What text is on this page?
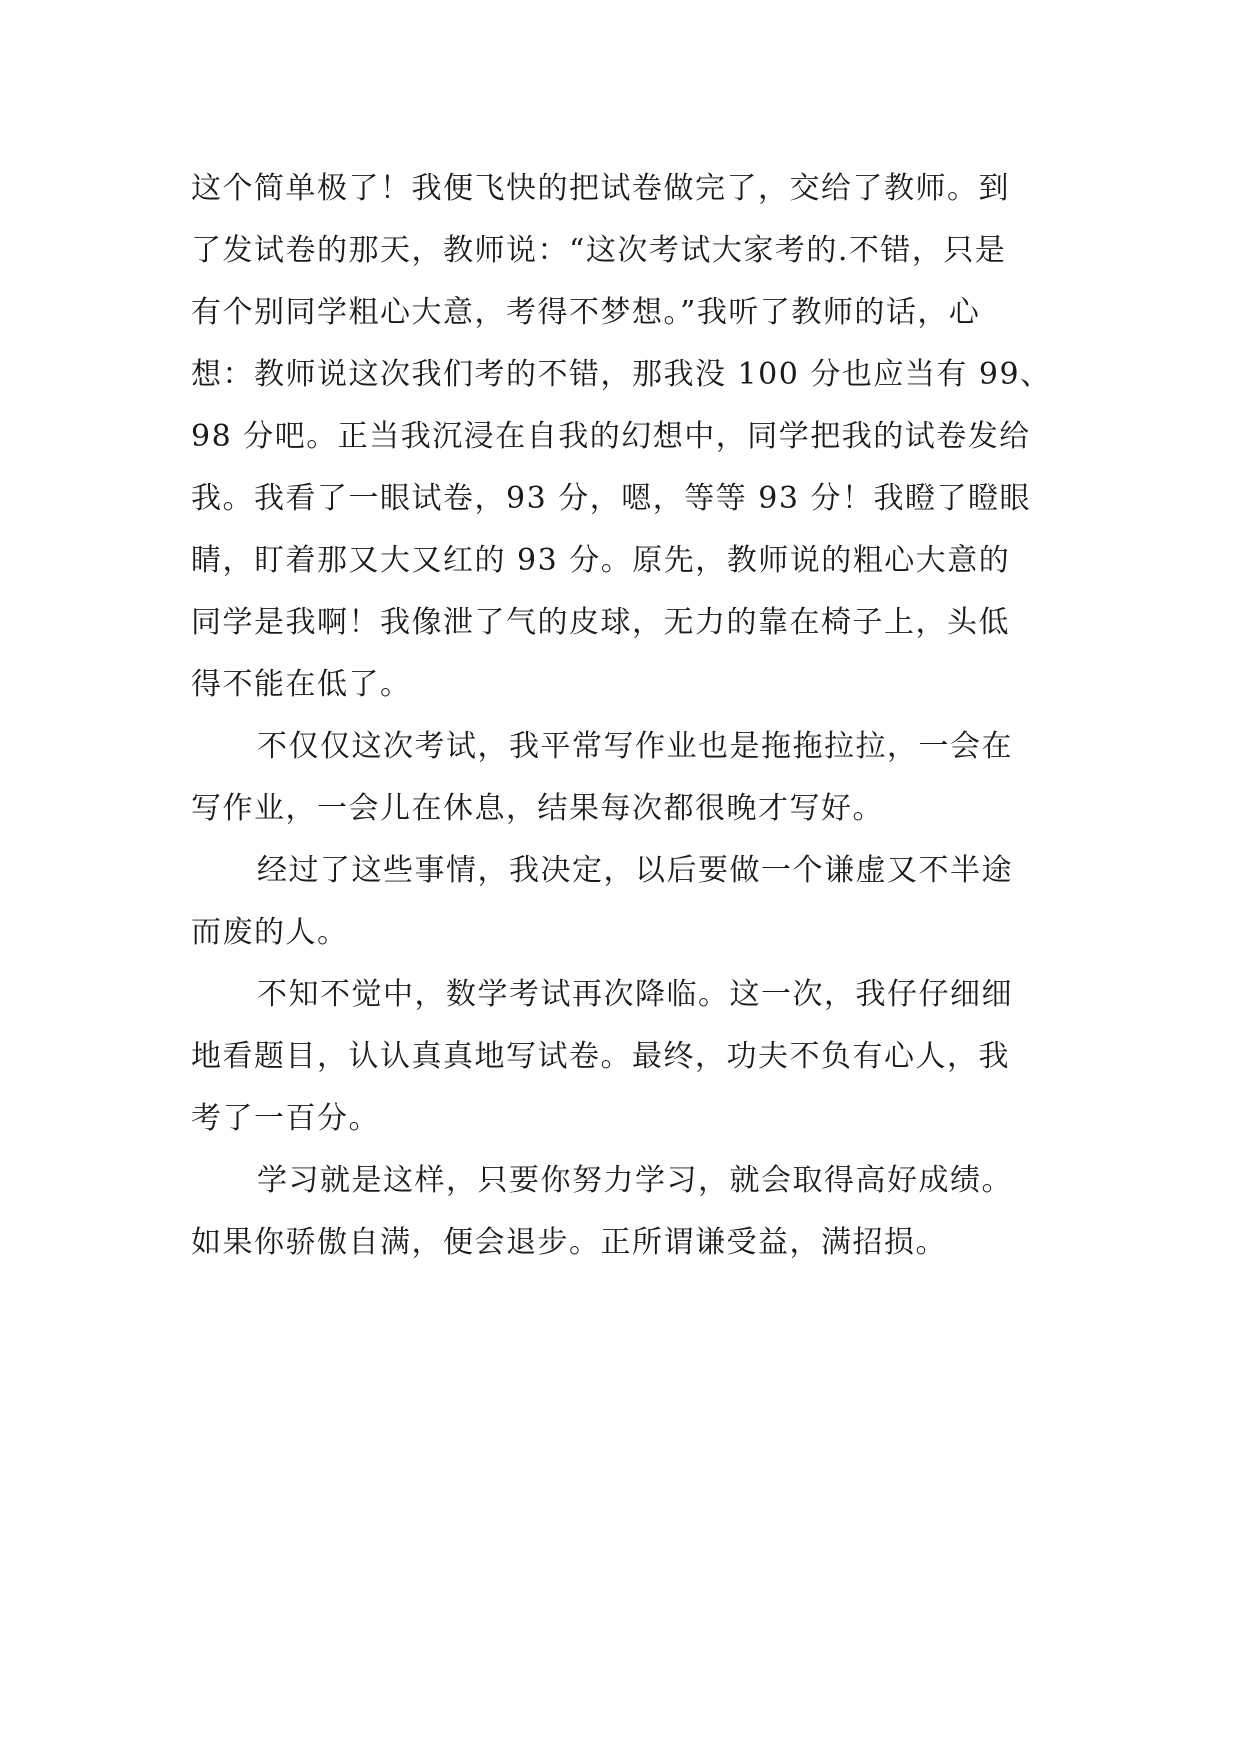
这个简单极了！我便飞快的把试卷做完了，交给了教师。到
了发试卷的那天，教师说：“这次考试大家考的.不错，只是
有个别同学粗心大意，考得不梦想。”我听了教师的话，心
想：教师说这次我们考的不错，那我没 100 分也应当有 99、
98 分吧。正当我沉浸在自我的幻想中，同学把我的试卷发给
我。我看了一眼试卷，93 分，嗯，等等 93 分！我瞪了瞪眼
睛，盯着那又大又红的 93 分。原先，教师说的粗心大意的
同学是我啊！我像泄了气的皮球，无力的靠在椅子上，头低
得不能在低了。
不仅仅这次考试，我平常写作业也是拖拖拉拉，一会在
写作业，一会儿在休息，结果每次都很晚才写好。
经过了这些事情，我决定，以后要做一个谦虚又不半途
而废的人。
不知不觉中，数学考试再次降临。这一次，我仔仔细细
地看题目，认认真真地写试卷。最终，功夫不负有心人，我
考了一百分。
学习就是这样，只要你努力学习，就会取得高好成绩。
如果你骄傲自满，便会退步。正所谓谦受益，满招损。
